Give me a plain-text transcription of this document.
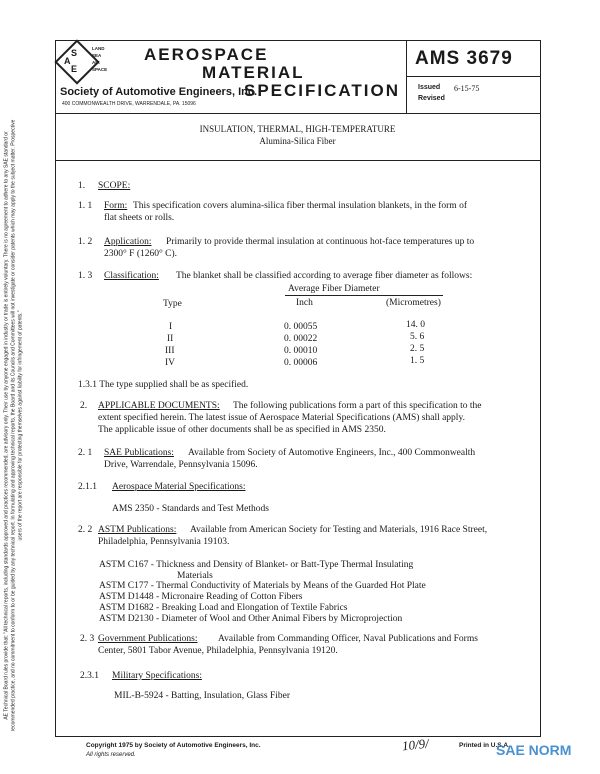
S
A
E
LAND
SEA
AIR
SPACE
AEROSPACE
MATERIAL
SPECIFICATION
Society of Automotive Engineers, Inc.
400 COMMONWEALTH DRIVE, WARRENDALE, PA. 15096
AMS 3679
Issued 6-15-75
Revised
INSULATION, THERMAL, HIGH-TEMPERATURE
Alumina-Silica Fiber
AE Technical Board rules provide that: "All technical reports, including standards approved and practices recommended, are advisory only. Their use by anyone engaged in industry or trade is entirely voluntary. There is no agreement to adhere to any SAE standard or recommended practice, and no commitment to conform to or be guided by any technical report. In formulating and approving technical reports, the Board and its Councils and Committees will not investigate or consider patents which may apply to the subject matter. Prospective users of the report are responsible for protecting themselves against liability for infringement of patents."
1. SCOPE:
1. 1 Form: This specification covers alumina-silica fiber thermal insulation blankets, in the form of
flat sheets or rolls.
1. 2 Application: Primarily to provide thermal insulation at continuous hot-face temperatures up to
2300° F (1260° C).
1. 3 Classification: The blanket shall be classified according to average fiber diameter as follows:
Average Fiber Diameter
Type	Inch	(Micrometres)
I	0. 00055	14. 0
II	0. 00022	5. 6
III	0. 00010	2. 5
IV	0. 00006	1. 5
1.3.1 The type supplied shall be as specified.
2. APPLICABLE DOCUMENTS: The following publications form a part of this specification to the
extent specified herein. The latest issue of Aerospace Material Specifications (AMS) shall apply.
The applicable issue of other documents shall be as specified in AMS 2350.
2. 1 SAE Publications: Available from Society of Automotive Engineers, Inc., 400 Commonwealth
Drive, Warrendale, Pennsylvania 15096.
2.1.1 Aerospace Material Specifications:
AMS 2350 - Standards and Test Methods
2. 2 ASTM Publications: Available from American Society for Testing and Materials, 1916 Race Street,
Philadelphia, Pennsylvania 19103.
ASTM C167 - Thickness and Density of Blanket- or Batt-Type Thermal Insulating
Materials
ASTM C177 - Thermal Conductivity of Materials by Means of the Guarded Hot Plate
ASTM D1448 - Micronaire Reading of Cotton Fibers
ASTM D1682 - Breaking Load and Elongation of Textile Fabrics
ASTM D2130 - Diameter of Wool and Other Animal Fibers by Microprojection
2. 3 Government Publications: Available from Commanding Officer, Naval Publications and Forms
Center, 5801 Tabor Avenue, Philadelphia, Pennsylvania 19120.
2.3.1 Military Specifications:
MIL-B-5924 - Batting, Insulation, Glass Fiber
Copyright 1975 by Society of Automotive Engineers, Inc.
All rights reserved.
10/9/	Printed in U.S.A.
SAE NORM
